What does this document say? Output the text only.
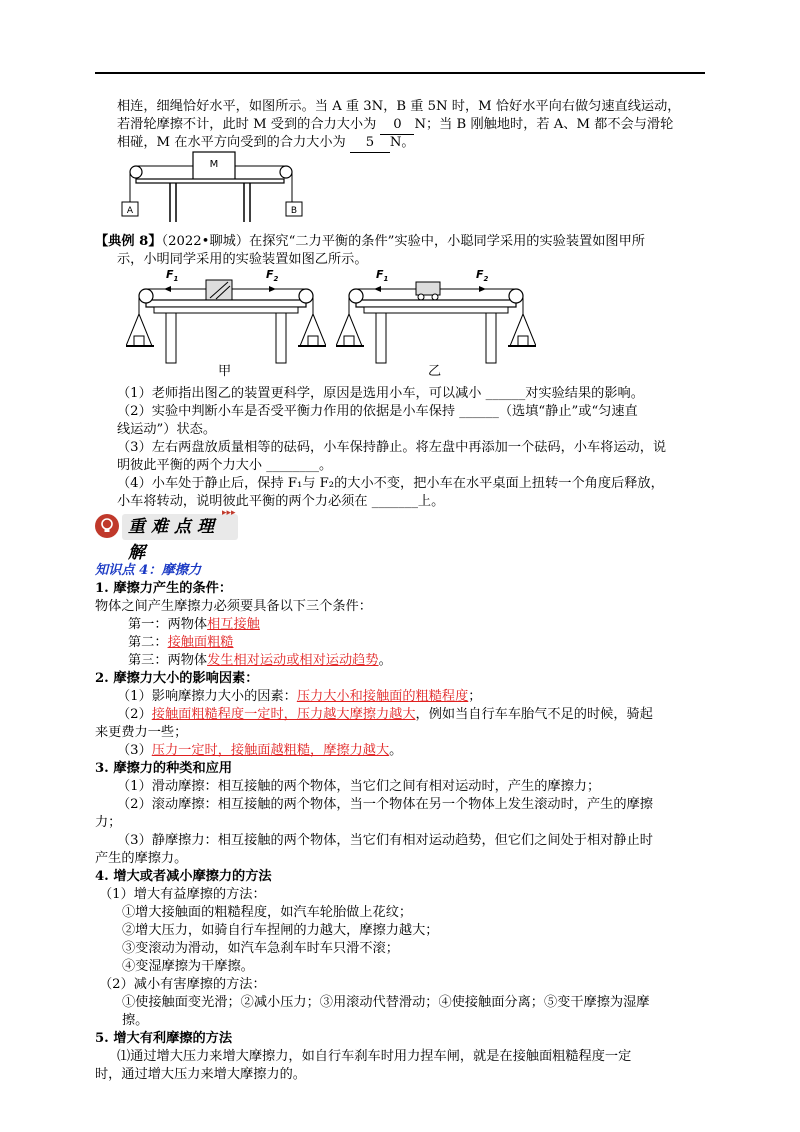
相连，细绳恰好水平，如图所示。当 A 重 3N，B 重 5N 时，M 恰好水平向右做匀速直线运动，
若滑轮摩擦不计，此时 M 受到的合力大小为 0 N；当 B 刚触地时，若 A、M 都不会与滑轮
相碰，M 在水平方向受到的合力大小为 5 N。
M
A	B
【典例 8】（2022•聊城）在探究“二力平衡的条件”实验中，小聪同学采用的实验装置如图甲所
示，小明同学采用的实验装置如图乙所示。
$F_1$	$F_2$
甲
$F_1$	$F_2$
乙
（1）老师指出图乙的装置更科学，原因是选用小车，可以减小 ______对实验结果的影响。
（2）实验中判断小车是否受平衡力作用的依据是小车保持 ______（选填“静止”或“匀速直
线运动”）状态。
（3）左右两盘放质量相等的砝码，小车保持静止。将左盘中再添加一个砝码，小车将运动，说
明彼此平衡的两个力大小 ________。
（4）小车处于静止后，保持 F₁与 F₂的大小不变，把小车在水平桌面上扭转一个角度后释放，
小车将转动，说明彼此平衡的两个力必须在 _______上。
重难点理解
▸▸▸
知识点 4：摩擦力
1. 摩擦力产生的条件：
物体之间产生摩擦力必须要具备以下三个条件：
第一：两物体相互接触
第二：接触面粗糙
第三：两物体发生相对运动或相对运动趋势。
2. 摩擦力大小的影响因素：
（1）影响摩擦力大小的因素：压力大小和接触面的粗糙程度；
（2）接触面粗糙程度一定时，压力越大摩擦力越大，例如当自行车车胎气不足的时候，骑起
来更费力一些；
（3）压力一定时，接触面越粗糙，摩擦力越大。
3. 摩擦力的种类和应用
（1）滑动摩擦：相互接触的两个物体，当它们之间有相对运动时，产生的摩擦力；
（2）滚动摩擦：相互接触的两个物体，当一个物体在另一个物体上发生滚动时，产生的摩擦
力；
（3）静摩擦力：相互接触的两个物体，当它们有相对运动趋势，但它们之间处于相对静止时
产生的摩擦力。
4. 增大或者减小摩擦力的方法
（1）增大有益摩擦的方法：
①增大接触面的粗糙程度，如汽车轮胎做上花纹；
②增大压力，如骑自行车捏闸的力越大，摩擦力越大；
③变滚动为滑动，如汽车急刹车时车只滑不滚；
④变湿摩擦为干摩擦。
（2）减小有害摩擦的方法：
①使接触面变光滑；②减小压力；③用滚动代替滑动；④使接触面分离；⑤变干摩擦为湿摩
擦。
5. 增大有利摩擦的方法
⑴通过增大压力来增大摩擦力，如自行车刹车时用力捏车闸，就是在接触面粗糙程度一定
时，通过增大压力来增大摩擦力的。
